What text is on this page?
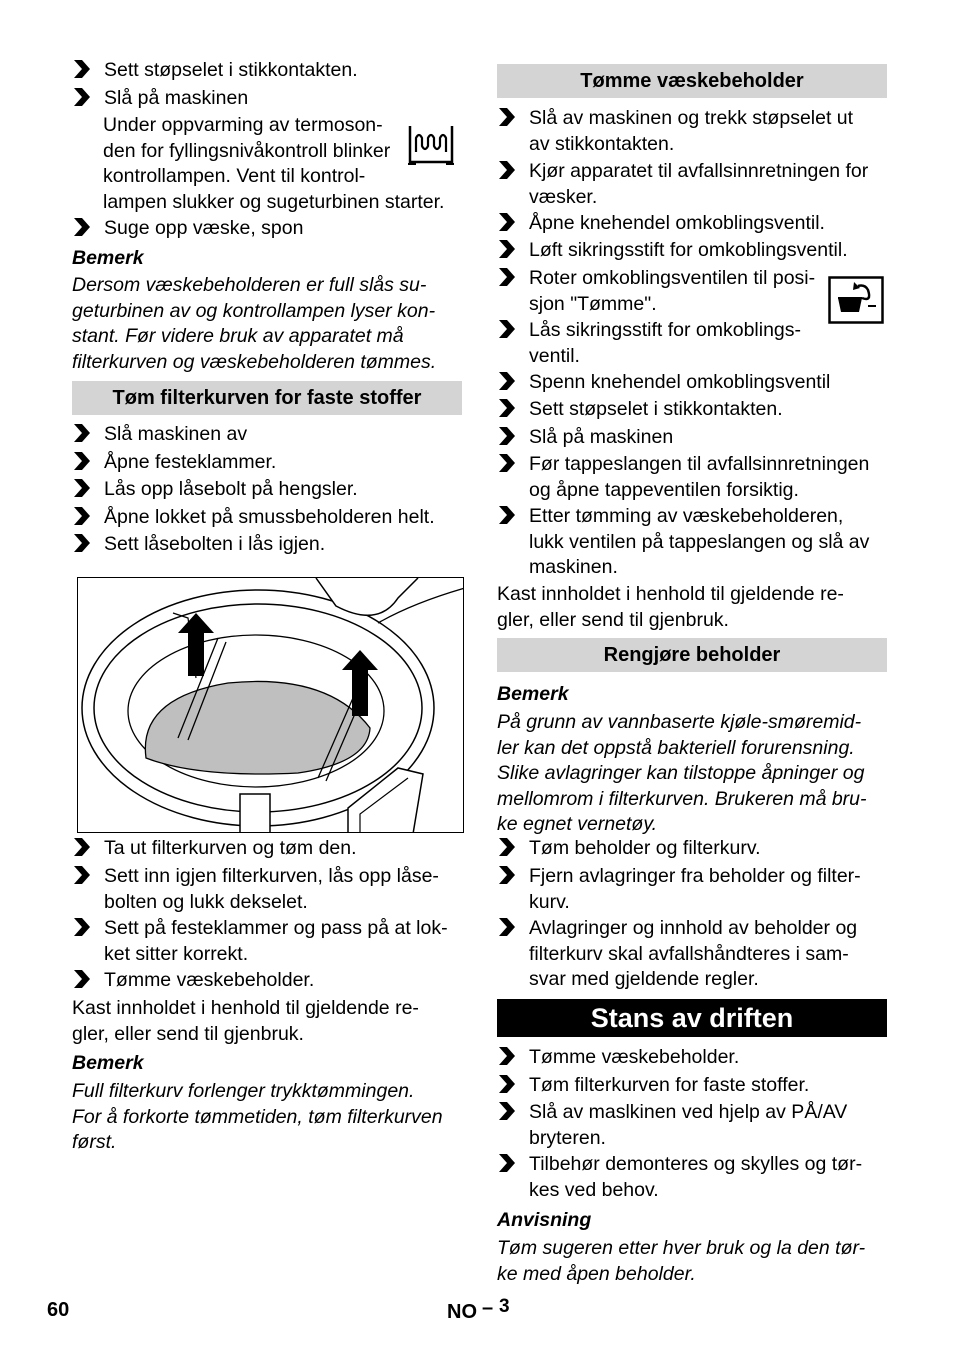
Sett støpselet i stikkontakten.
Slå på maskinen
Under oppvarming av termoson-
den for fyllingsnivåkontroll blinker
kontrollampen. Vent til kontrol-
lampen slukker og sugeturbinen starter.
Suge opp væske, spon
Bemerk
Dersom væskebeholderen er full slås su-
geturbinen av og kontrollampen lyser kon-
stant. Før videre bruk av apparatet må
filterkurven og væskebeholderen tømmes.
Tøm filterkurven for faste stoffer
Slå maskinen av
Åpne festeklammer.
Lås opp låsebolt på hengsler.
Åpne lokket på smussbeholderen helt.
Sett låsebolten i lås igjen.
Ta ut filterkurven og tøm den.
Sett inn igjen filterkurven, lås opp låse-
bolten og lukk dekselet.
Sett på festeklammer og pass på at lok-
ket sitter korrekt.
Tømme væskebeholder.
Kast innholdet i henhold til gjeldende re-
gler, eller send til gjenbruk.
Bemerk
Full filterkurv forlenger trykktømmingen.
For å forkorte tømmetiden, tøm filterkurven
først.
Tømme væskebeholder
Slå av maskinen og trekk støpselet ut
av stikkontakten.
Kjør apparatet til avfallsinnretningen for
væsker.
Åpne knehendel omkoblingsventil.
Løft sikringsstift for omkoblingsventil.
Roter omkoblingsventilen til posi-
sjon "Tømme".
Lås sikringsstift for omkoblings-
ventil.
Spenn knehendel omkoblingsventil
Sett støpselet i stikkontakten.
Slå på maskinen
Før tappeslangen til avfallsinnretningen
og åpne tappeventilen forsiktig.
Etter tømming av væskebeholderen,
lukk ventilen på tappeslangen og slå av
maskinen.
Kast innholdet i henhold til gjeldende re-
gler, eller send til gjenbruk.
Rengjøre beholder
Bemerk
På grunn av vannbaserte kjøle-smøremid-
ler kan det oppstå bakteriell forurensning.
Slike avlagringer kan tilstoppe åpninger og
mellomrom i filterkurven. Brukeren må bru-
ke egnet vernetøy.
Tøm beholder og filterkurv.
Fjern avlagringer fra beholder og filter-
kurv.
Avlagringer og innhold av beholder og
filterkurv skal avfallshåndteres i sam-
svar med gjeldende regler.
Stans av driften
Tømme væskebeholder.
Tøm filterkurven for faste stoffer.
Slå av maslkinen ved hjelp av PÅ/AV
bryteren.
Tilbehør demonteres og skylles og tør-
kes ved behov.
Anvisning
Tøm sugeren etter hver bruk og la den tør-
ke med åpen beholder.
60	NO – 3
